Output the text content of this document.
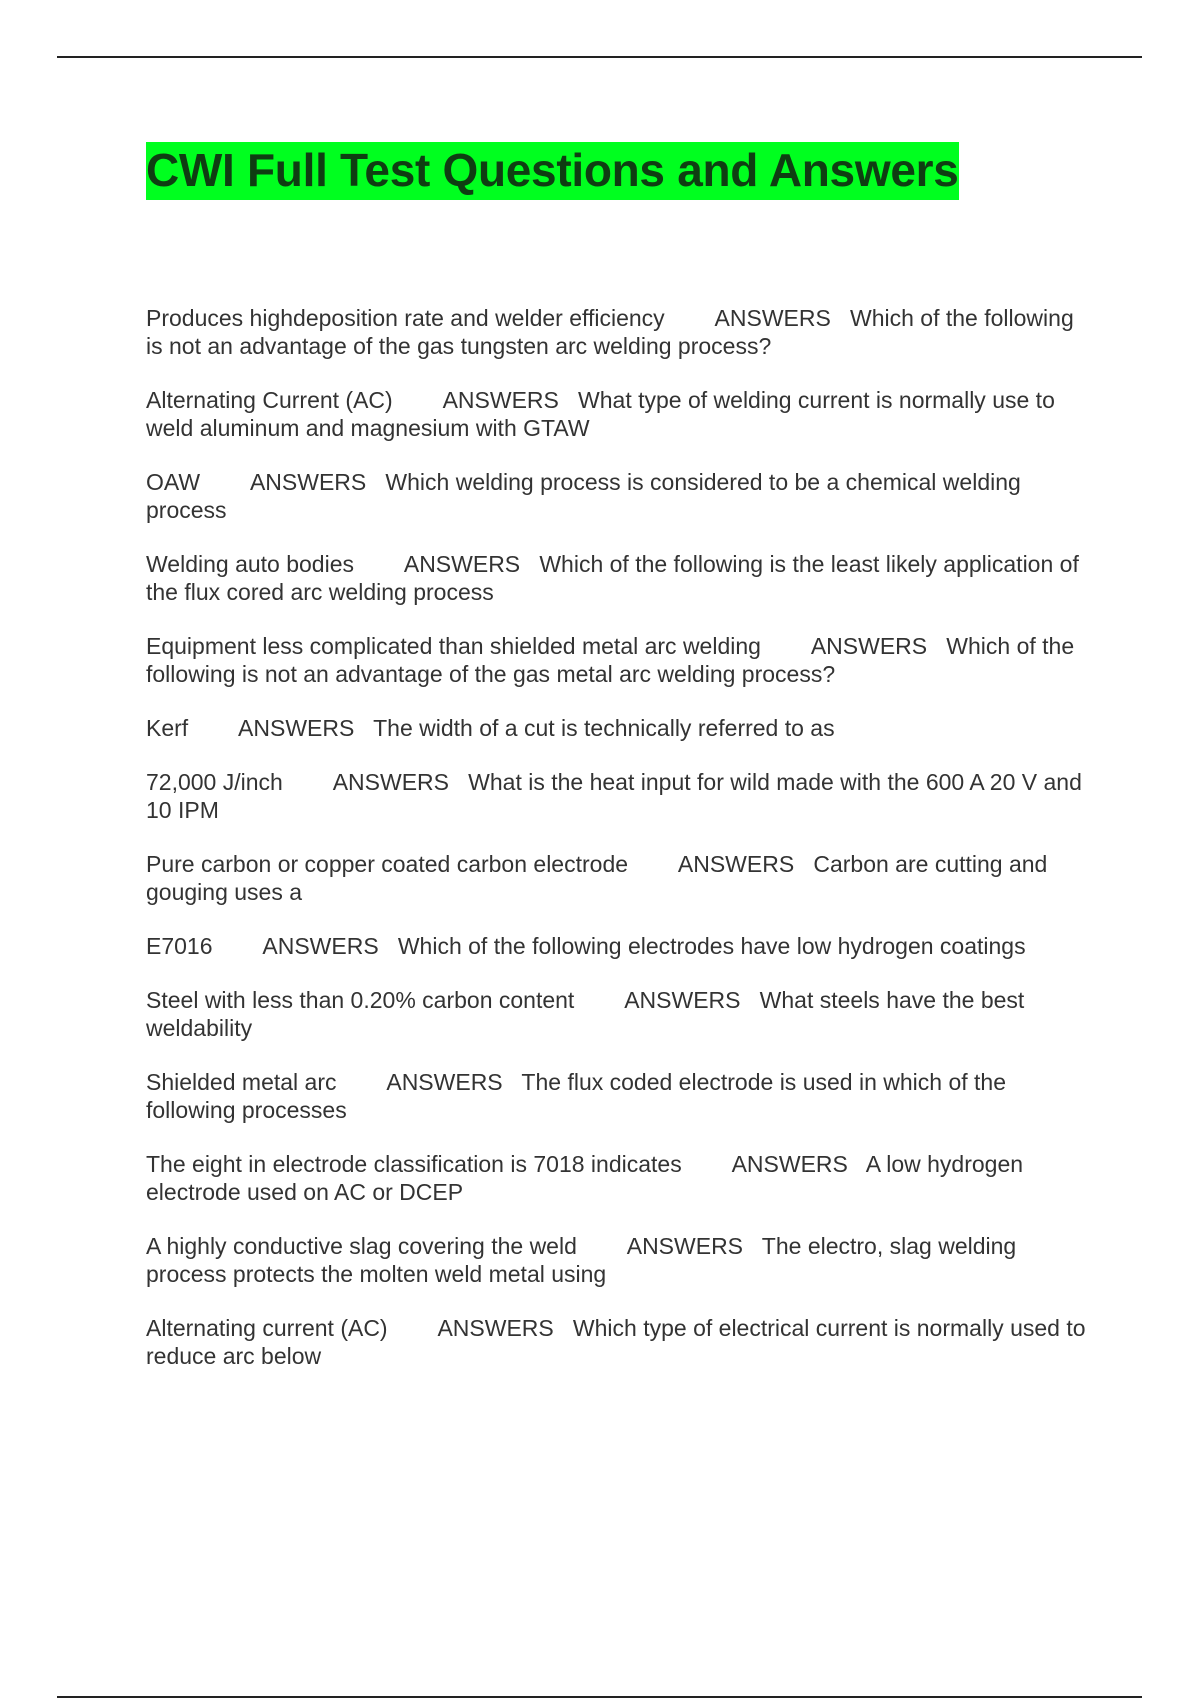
CWI Full Test Questions and Answers

Produces highdeposition rate and welder efficiency ANSWERS Which of the following is not an advantage of the gas tungsten arc welding process?

Alternating Current (AC) ANSWERS What type of welding current is normally use to weld aluminum and magnesium with GTAW

OAW ANSWERS Which welding process is considered to be a chemical welding process

Welding auto bodies ANSWERS Which of the following is the least likely application of the flux cored arc welding process

Equipment less complicated than shielded metal arc welding ANSWERS Which of the following is not an advantage of the gas metal arc welding process?

Kerf ANSWERS The width of a cut is technically referred to as

72,000 J/inch ANSWERS What is the heat input for wild made with the 600 A 20 V and 10 IPM

Pure carbon or copper coated carbon electrode ANSWERS Carbon are cutting and gouging uses a

E7016 ANSWERS Which of the following electrodes have low hydrogen coatings

Steel with less than 0.20% carbon content ANSWERS What steels have the best weldability

Shielded metal arc ANSWERS The flux coded electrode is used in which of the following processes

The eight in electrode classification is 7018 indicates ANSWERS A low hydrogen electrode used on AC or DCEP

A highly conductive slag covering the weld ANSWERS The electro, slag welding process protects the molten weld metal using

Alternating current (AC) ANSWERS Which type of electrical current is normally used to reduce arc below
